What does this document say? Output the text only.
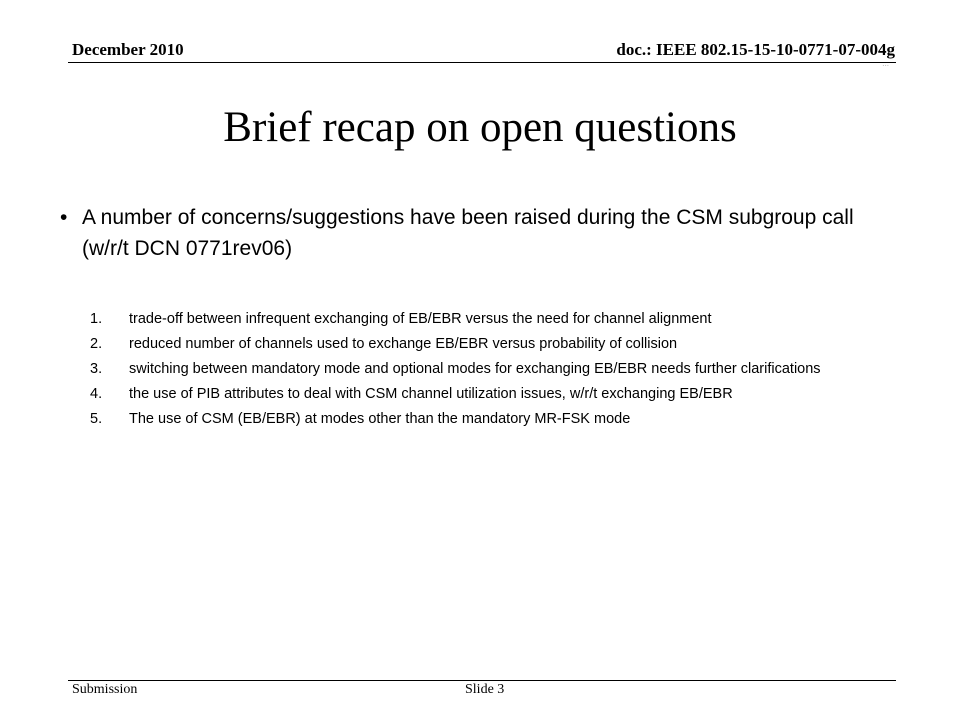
December 2010	doc.: IEEE 802.15-15-10-0771-07-004g
...
Brief recap on open questions
• A number of concerns/suggestions have been raised during the CSM subgroup call (w/r/t DCN 0771rev06)
1. trade-off between infrequent exchanging of EB/EBR versus the need for channel alignment
2. reduced number of channels used to exchange EB/EBR versus probability of collision
3. switching between mandatory mode and optional modes for exchanging EB/EBR needs further clarifications
4. the use of PIB attributes to deal with CSM channel utilization issues, w/r/t exchanging EB/EBR
5. The use of CSM (EB/EBR) at modes other than the mandatory MR-FSK mode
Submission	Slide 3
